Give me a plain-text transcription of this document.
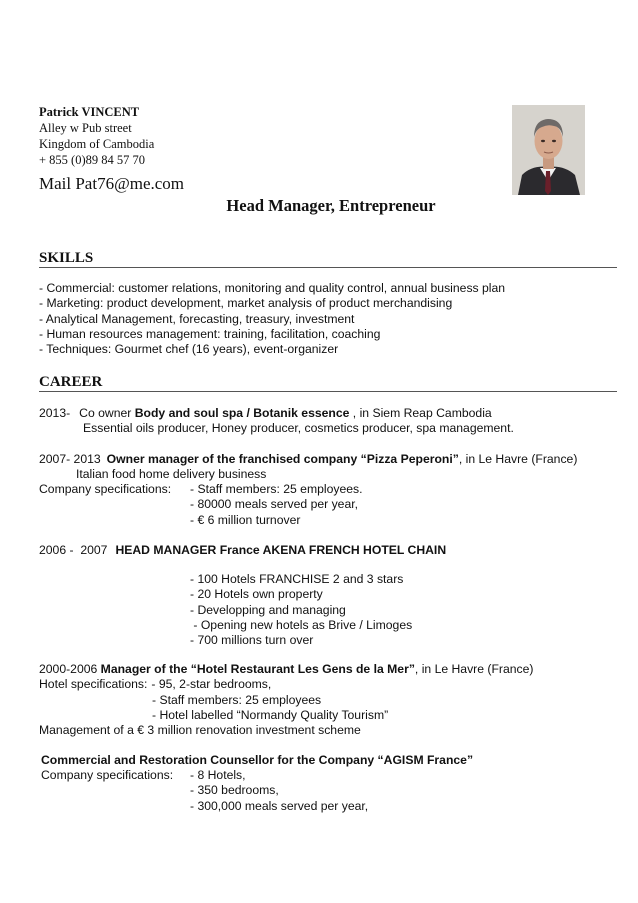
Patrick VINCENT
Alley w Pub street
Kingdom of Cambodia
+ 855 (0)89 84 57 70
Mail Pat76@me.com
Head Manager, Entrepreneur
SKILLS
- Commercial: customer relations, monitoring and quality control, annual business plan
- Marketing: product development, market analysis of product merchandising
- Analytical Management, forecasting, treasury, investment
- Human resources management: training, facilitation, coaching
- Techniques: Gourmet chef (16 years), event-organizer
CAREER
2013- Co owner Body and soul spa / Botanik essence , in Siem Reap Cambodia
Essential oils producer, Honey producer, cosmetics producer, spa management.
2007- 2013 Owner manager of the franchised company “Pizza Peperoni”, in Le Havre (France)
Italian food home delivery business
Company specifications: - Staff members: 25 employees.
- 80000 meals served per year,
- € 6 million turnover
2006 -  2007 HEAD MANAGER France AKENA FRENCH HOTEL CHAIN
- 100 Hotels FRANCHISE 2 and 3 stars
- 20 Hotels own property
- Developping and managing
- Opening new hotels as Brive / Limoges
- 700 millions turn over
2000-2006 Manager of the “Hotel Restaurant Les Gens de la Mer”, in Le Havre (France)
Hotel specifications: - 95, 2-star bedrooms,
- Staff members: 25 employees
- Hotel labelled “Normandy Quality Tourism”
Management of a € 3 million renovation investment scheme
Commercial and Restoration Counsellor for the Company “AGISM France”
Company specifications:	- 8 Hotels,
- 350 bedrooms,
- 300,000 meals served per year,
